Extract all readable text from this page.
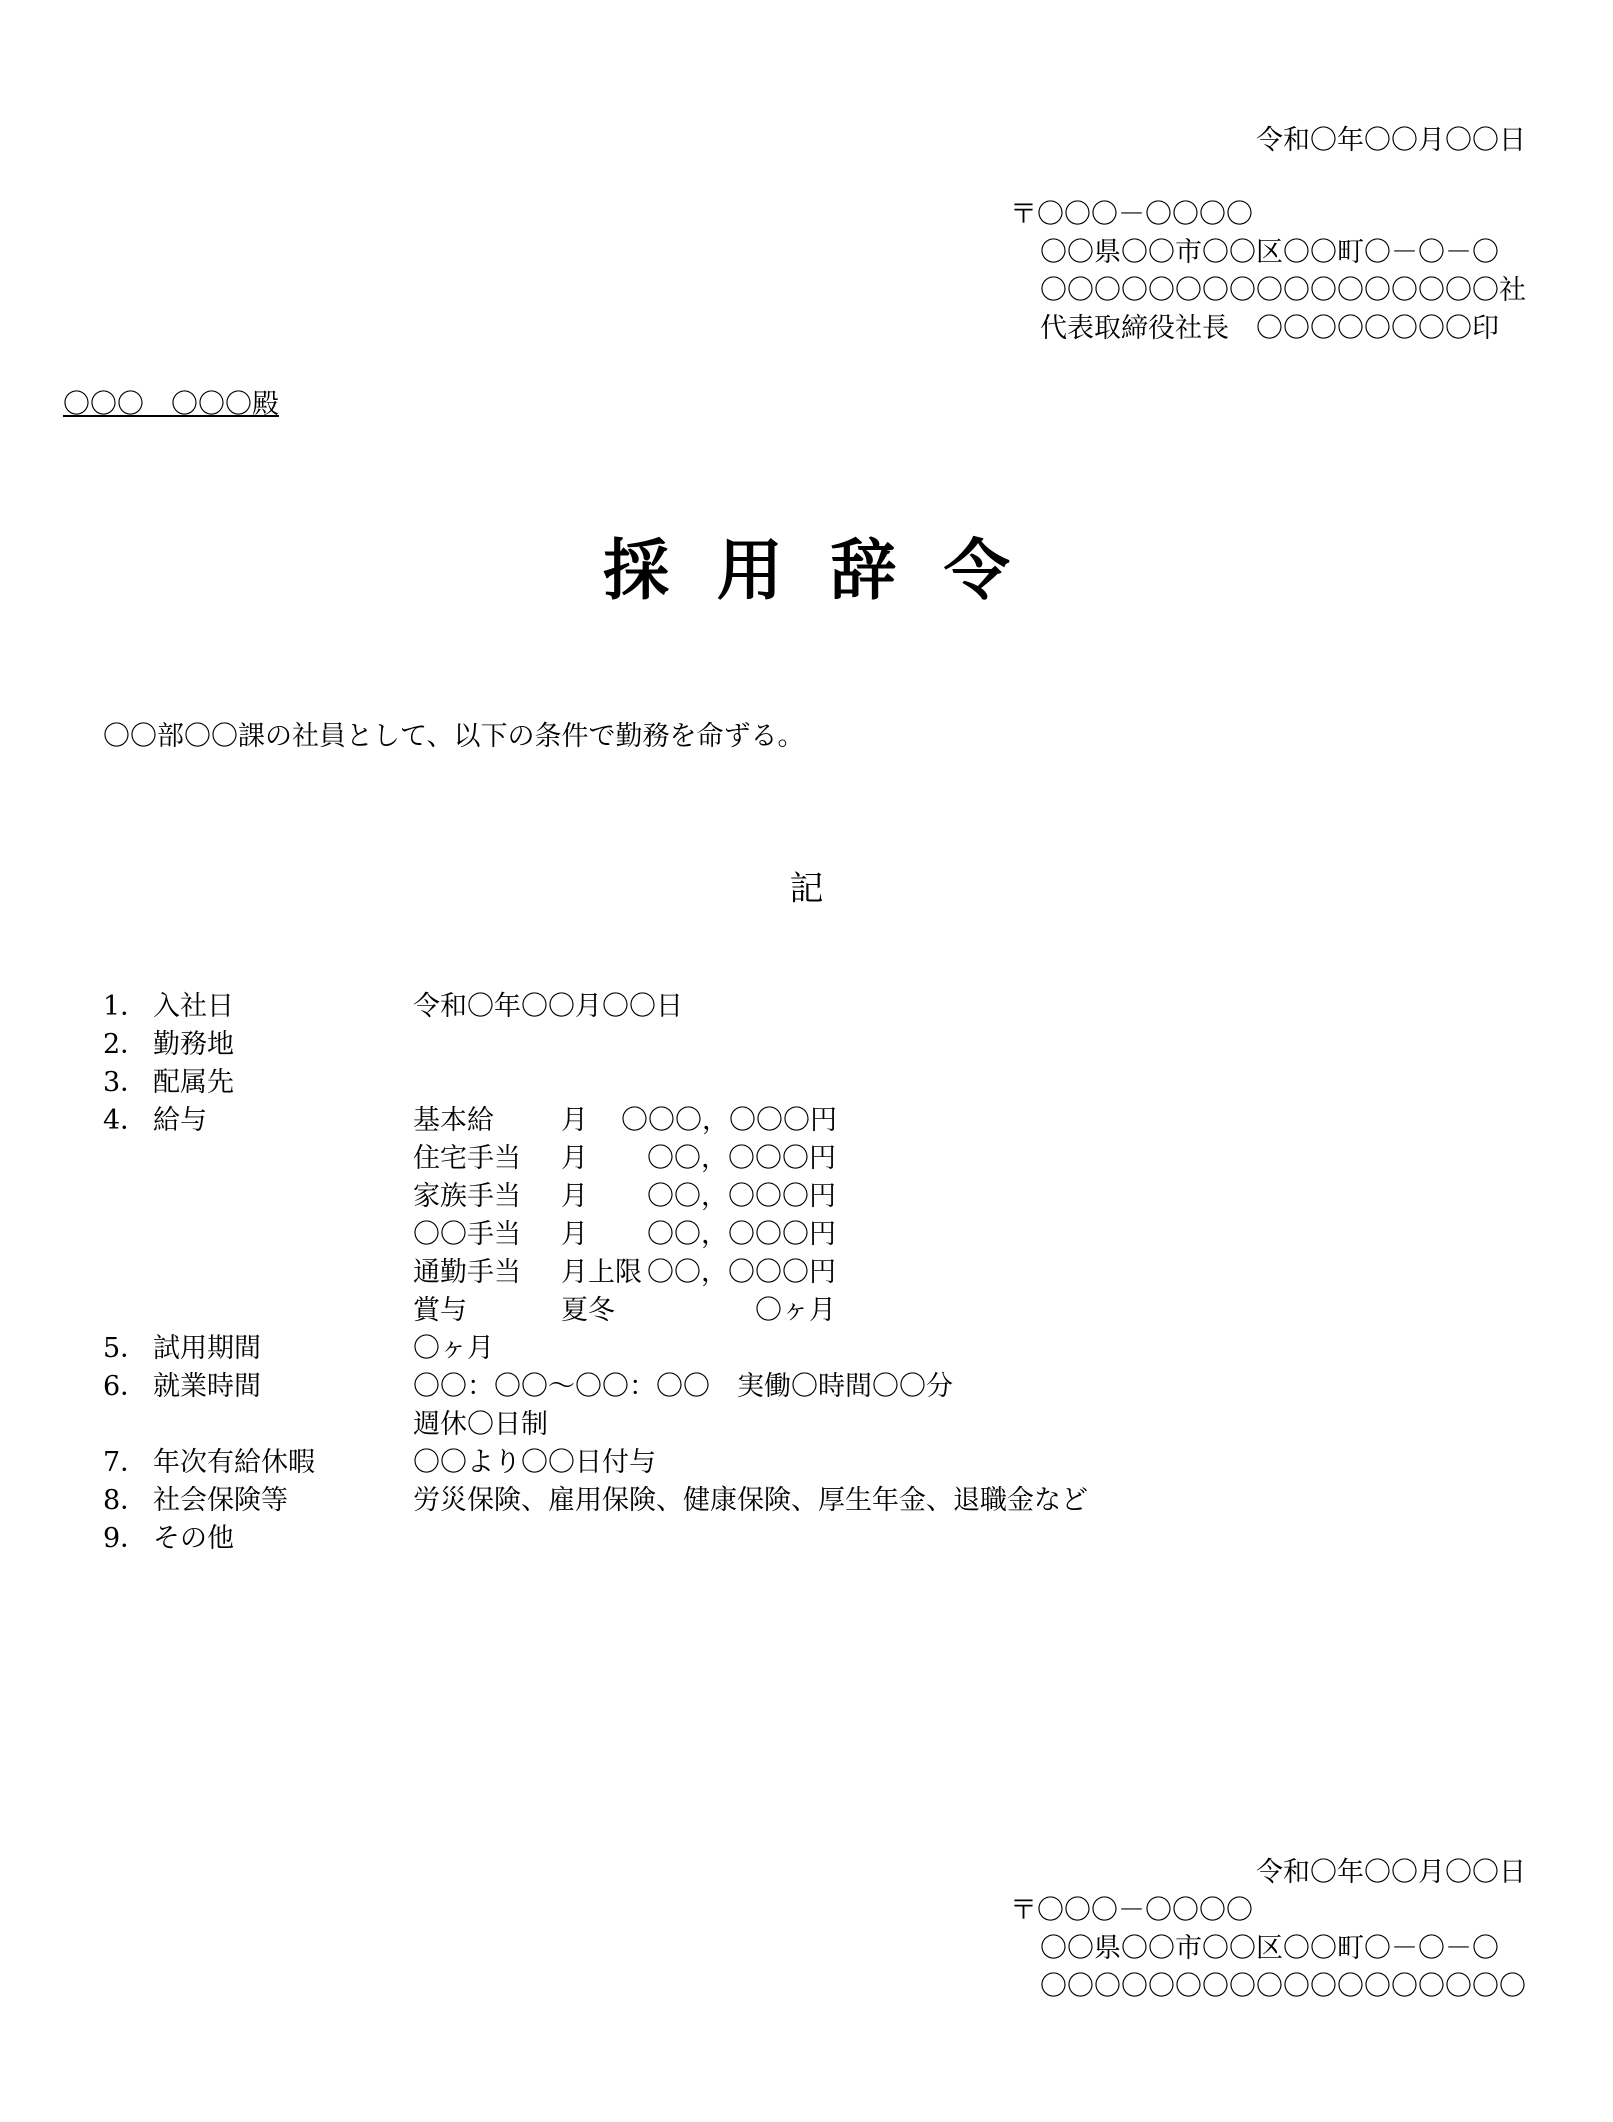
令和〇年〇〇月〇〇日
〒〇〇〇－〇〇〇〇
〇〇県〇〇市〇〇区〇〇町〇－〇－〇
〇〇〇〇〇〇〇〇〇〇〇〇〇〇〇〇〇社
代表取締役社長　〇〇〇〇〇〇〇〇印
〇〇〇　〇〇〇殿
採用辞令
〇〇部〇〇課の社員として、以下の条件で勤務を命ずる。
記
1． 入社日	令和〇年〇〇月〇〇日
2． 勤務地
3． 配属先
4． 給与	基本給	月	〇〇〇，〇〇〇円
住宅手当	月	〇〇，〇〇〇円
家族手当	月	〇〇，〇〇〇円
〇〇手当	月	〇〇，〇〇〇円
通勤手当	月上限 〇〇，〇〇〇円
賞与	夏冬	〇ヶ月
5． 試用期間	〇ヶ月
6． 就業時間	〇〇：〇〇～〇〇：〇〇　実働〇時間〇〇分
週休〇日制
7． 年次有給休暇	〇〇より〇〇日付与
8． 社会保険等	労災保険、雇用保険、健康保険、厚生年金、退職金など
9． その他
令和〇年〇〇月〇〇日
〒〇〇〇－〇〇〇〇
〇〇県〇〇市〇〇区〇〇町〇－〇－〇
〇〇〇〇〇〇〇〇〇〇〇〇〇〇〇〇〇〇
